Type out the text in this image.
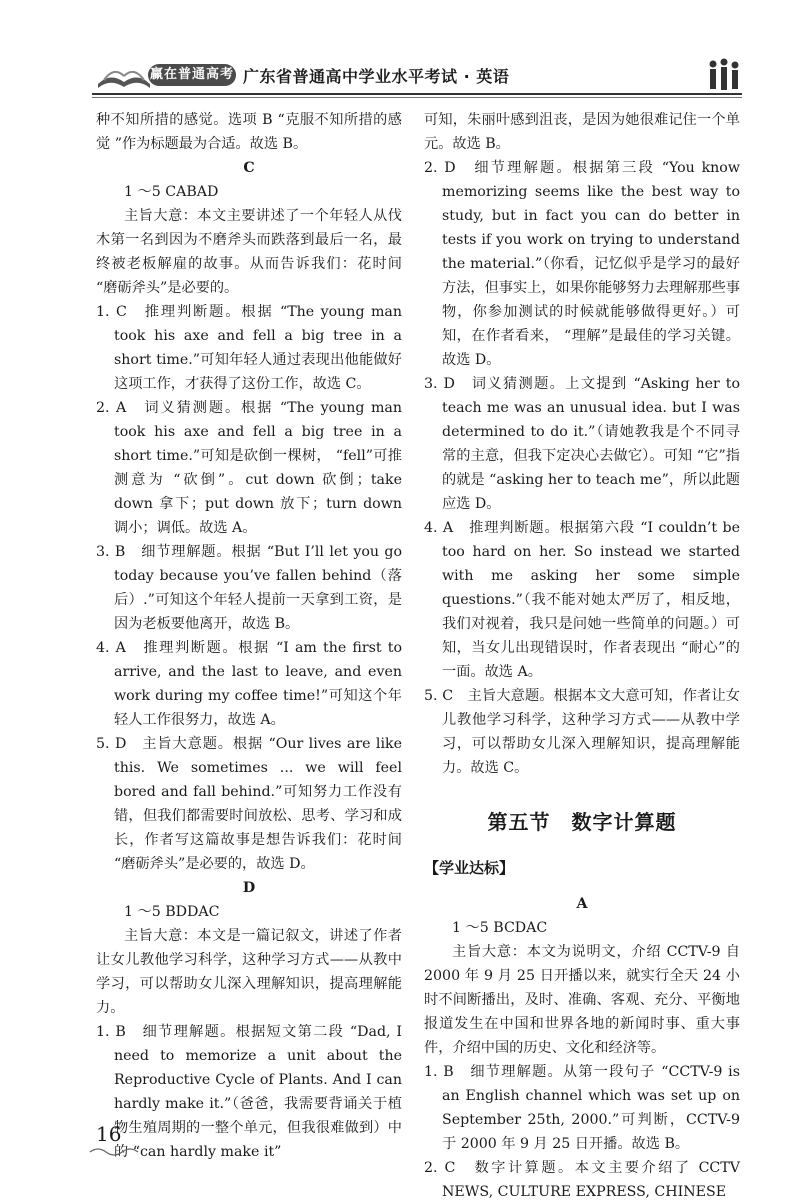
赢在普通高考 广东省普通高中学业水平考试 · 英语

种不知所措的感觉。选项 B “克服不知所措的感觉 ”作为标题最为合适。故选 B。

C

1 ～5 CABAD

主旨大意：本文主要讲述了一个年轻人从伐木第一名到因为不磨斧头而跌落到最后一名，最终被老板解雇的故事。从而告诉我们：花时间 “磨砺斧头”是必要的。

1. C　推理判断题。根据 “The young man took his axe and fell a big tree in a short time.”可知年轻人通过表现出他能做好这项工作，才获得了这份工作，故选 C。

2. A　词义猜测题。根据 “The young man took his axe and fell a big tree in a short time.”可知是砍倒一棵树， “fell”可推测意为 “砍倒”。cut down 砍倒；take down 拿下；put down 放下；turn down 调小；调低。故选 A。

3. B　细节理解题。根据 “But I’ll let you go today because you’ve fallen behind（落后）.”可知这个年轻人提前一天拿到工资，是因为老板要他离开，故选 B。

4. A　推理判断题。根据 “I am the first to arrive, and the last to leave, and even work during my coffee time!”可知这个年轻人工作很努力，故选 A。

5. D　主旨大意题。根据 “Our lives are like this. We sometimes ... we will feel bored and fall behind.”可知努力工作没有错，但我们都需要时间放松、思考、学习和成长，作者写这篇故事是想告诉我们：花时间 “磨砺斧头”是必要的，故选 D。

D

1 ～5 BDDAC

主旨大意：本文是一篇记叙文，讲述了作者让女儿教他学习科学，这种学习方式——从教中学习，可以帮助女儿深入理解知识，提高理解能力。

1. B　细节理解题。根据短文第二段 “Dad, I need to memorize a unit about the Reproductive Cycle of Plants. And I can hardly make it.”（爸爸，我需要背诵关于植物生殖周期的一整个单元，但我很难做到）中的 “can hardly make it”

可知，朱丽叶感到沮丧，是因为她很难记住一个单元。故选 B。

2. D　细节理解题。根据第三段 “You know memorizing seems like the best way to study, but in fact you can do better in tests if you work on trying to understand the material.”（你看，记忆似乎是学习的最好方法，但事实上，如果你能够努力去理解那些事物，你参加测试的时候就能够做得更好。）可知，在作者看来， “理解”是最佳的学习关键。故选 D。

3. D　词义猜测题。上文提到 “Asking her to teach me was an unusual idea. but I was determined to do it.”（请她教我是个不同寻常的主意，但我下定决心去做它）。可知 “它”指的就是 “asking her to teach me”，所以此题应选 D。

4. A　推理判断题。根据第六段 “I couldn’t be too hard on her. So instead we started with me asking her some simple questions.”（我不能对她太严厉了，相反地，我们对视着，我只是问她一些简单的问题。）可知，当女儿出现错误时，作者表现出 “耐心”的一面。故选 A。

5. C　主旨大意题。根据本文大意可知，作者让女儿教他学习科学，这种学习方式——从教中学习，可以帮助女儿深入理解知识，提高理解能力。故选 C。

第五节　数字计算题

【学业达标】

A

1 ～5 BCDAC

主旨大意：本文为说明文，介绍 CCTV-9 自 2000 年 9 月 25 日开播以来，就实行全天 24 小时不间断播出，及时、准确、客观、充分、平衡地报道发生在中国和世界各地的新闻时事、重大事件，介绍中国的历史、文化和经济等。

1. B　细节理解题。从第一段句子 “CCTV-9 is an English channel which was set up on September 25th, 2000.”可判断，CCTV-9 于 2000 年 9 月 25 日开播。故选 B。

2. C　数字计算题。本文主要介绍了 CCTV NEWS, CULTURE EXPRESS, CHINESE

16
